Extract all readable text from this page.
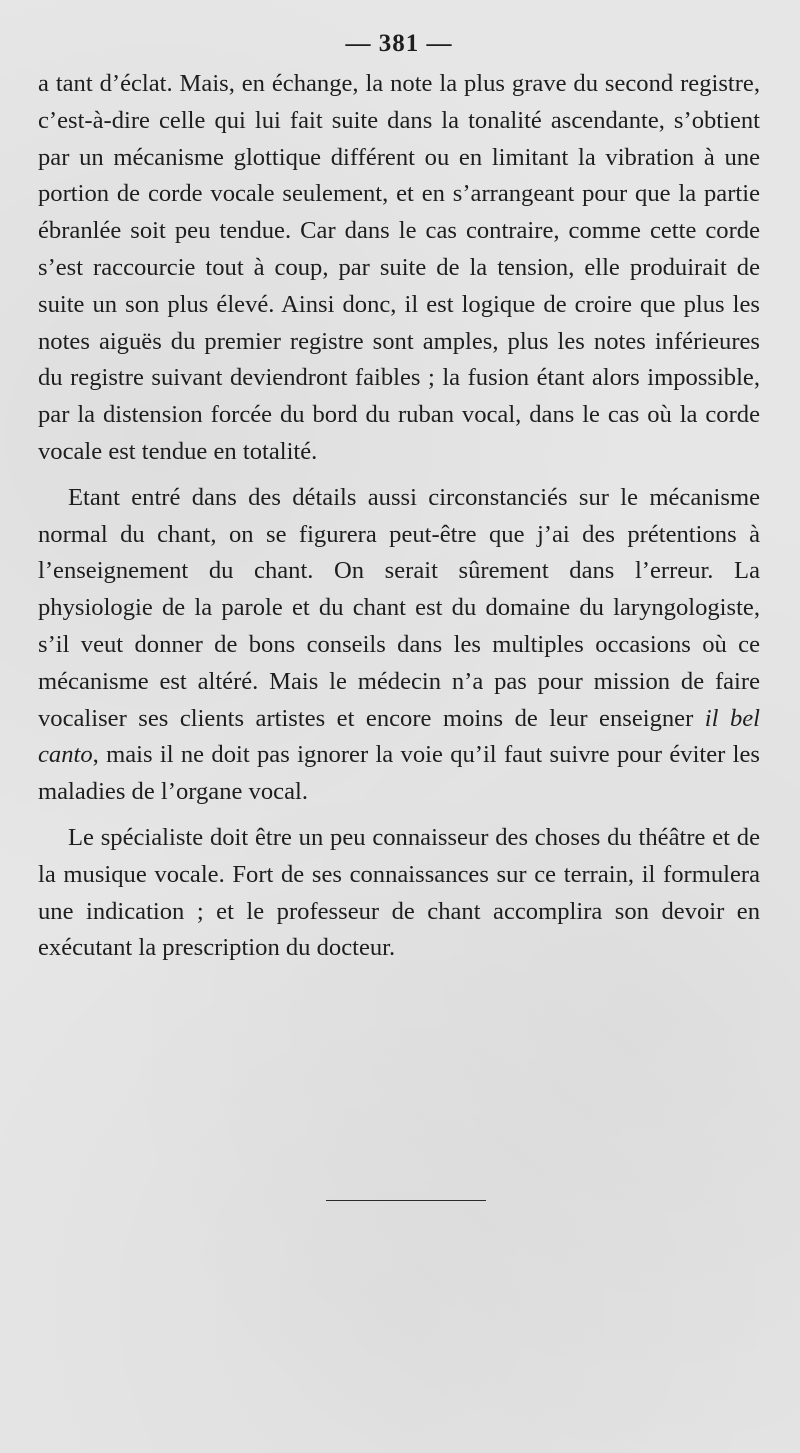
— 381 —

a tant d’éclat. Mais, en échange, la note la plus grave du second registre, c’est-à-dire celle qui lui fait suite dans la tonalité ascendante, s’obtient par un mécanisme glottique différent ou en limitant la vibration à une portion de corde vocale seulement, et en s’arrangeant pour que la partie ébranlée soit peu tendue. Car dans le cas contraire, comme cette corde s’est raccourcie tout à coup, par suite de la tension, elle produirait de suite un son plus élevé. Ainsi donc, il est logique de croire que plus les notes aiguës du premier registre sont amples, plus les notes inférieures du registre suivant deviendront faibles ; la fusion étant alors impossible, par la distension forcée du bord du ruban vocal, dans le cas où la corde vocale est tendue en totalité.

Etant entré dans des détails aussi circonstanciés sur le mécanisme normal du chant, on se figurera peut-être que j’ai des prétentions à l’enseignement du chant. On serait sûrement dans l’erreur. La physiologie de la parole et du chant est du domaine du laryngologiste, s’il veut donner de bons conseils dans les multiples occasions où ce mécanisme est altéré. Mais le médecin n’a pas pour mission de faire vocaliser ses clients artistes et encore moins de leur enseigner il bel canto, mais il ne doit pas ignorer la voie qu’il faut suivre pour éviter les maladies de l’organe vocal.

Le spécialiste doit être un peu connaisseur des choses du théâtre et de la musique vocale. Fort de ses connaissances sur ce terrain, il formulera une indication ; et le professeur de chant accomplira son devoir en exécutant la prescription du docteur.
